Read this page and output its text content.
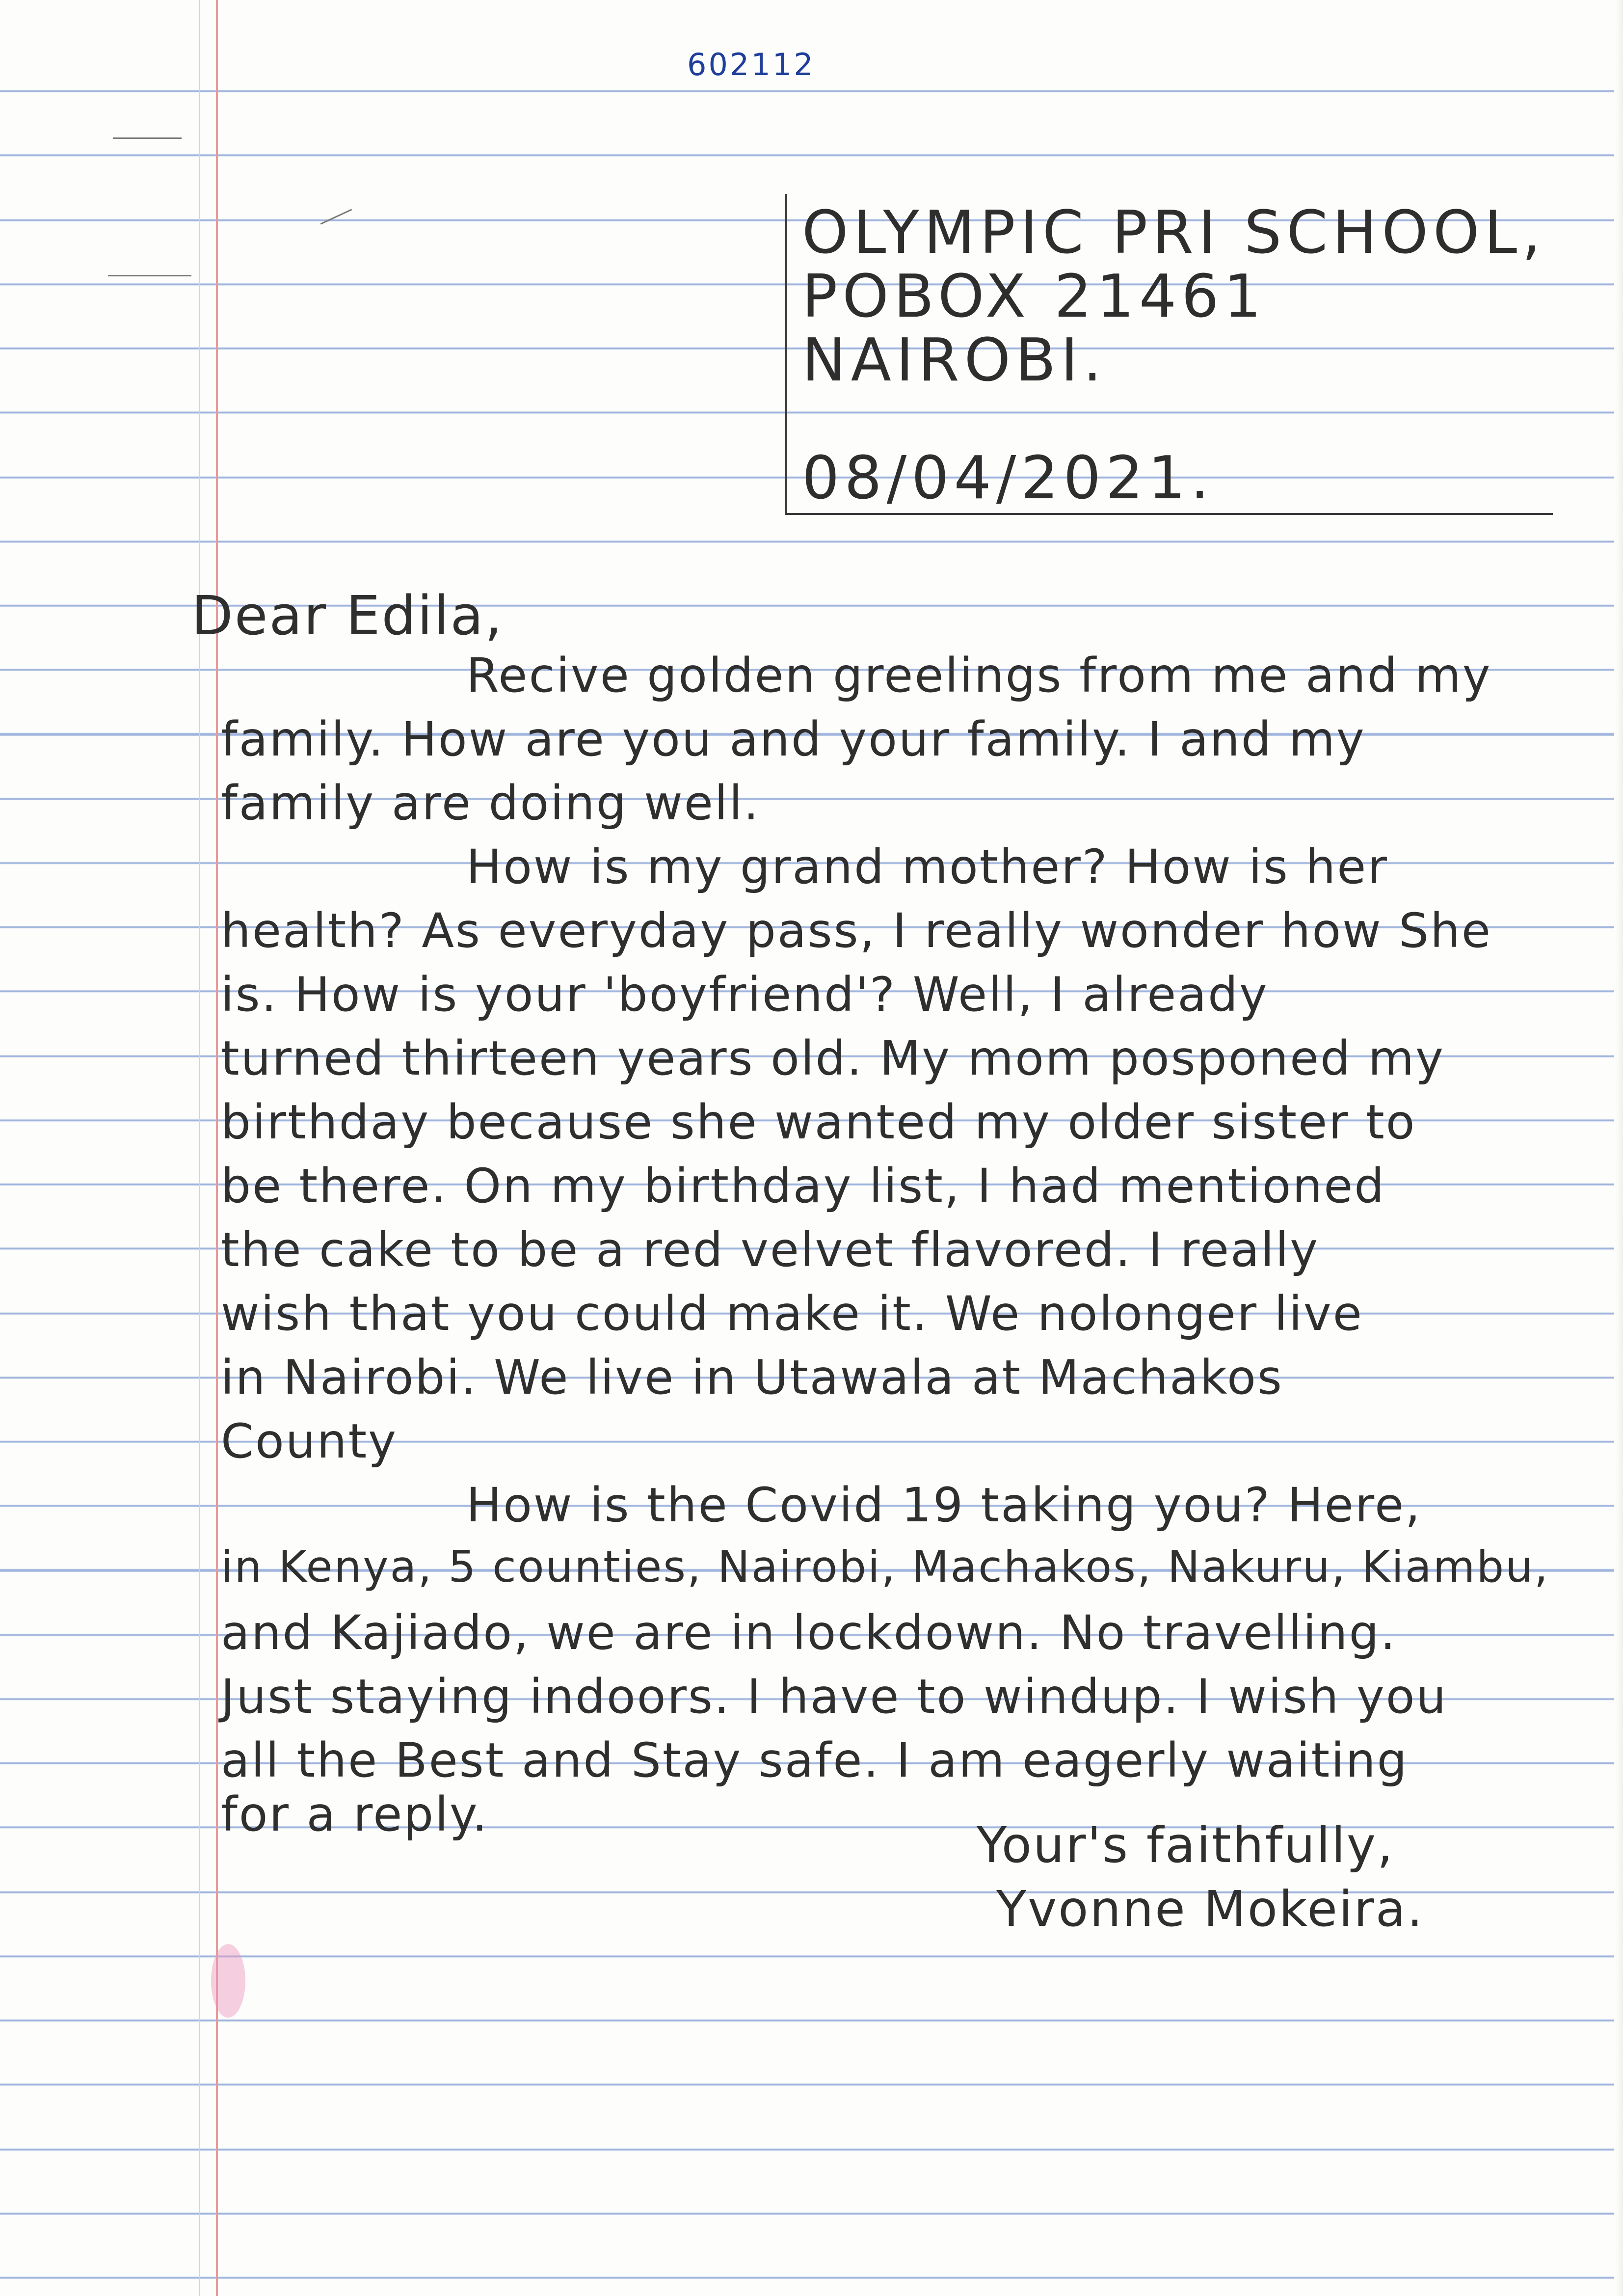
602112
OLYMPIC PRI SCHOOL,
POBOX 21461
NAIROBI.
08/04/2021.
Dear Edila,
Recive golden greelings from me and my
family. How are you and your family. I and my
family are doing well.
How is my grand mother? How is her
health? As everyday pass, I really wonder how She
is. How is your 'boyfriend'? Well, I already
turned thirteen years old. My mom posponed my
birthday because she wanted my older sister to
be there. On my birthday list, I had mentioned
the cake to be a red velvet flavored. I really
wish that you could make it. We nolonger live
in Nairobi. We live in Utawala at Machakos
County
How is the Covid 19 taking you? Here,
in Kenya, 5 counties, Nairobi, Machakos, Nakuru, Kiambu,
and Kajiado, we are in lockdown. No travelling.
Just staying indoors. I have to windup. I wish you
all the Best and Stay safe. I am eagerly waiting
for a reply.
Your's faithfully,
Yvonne Mokeira.
